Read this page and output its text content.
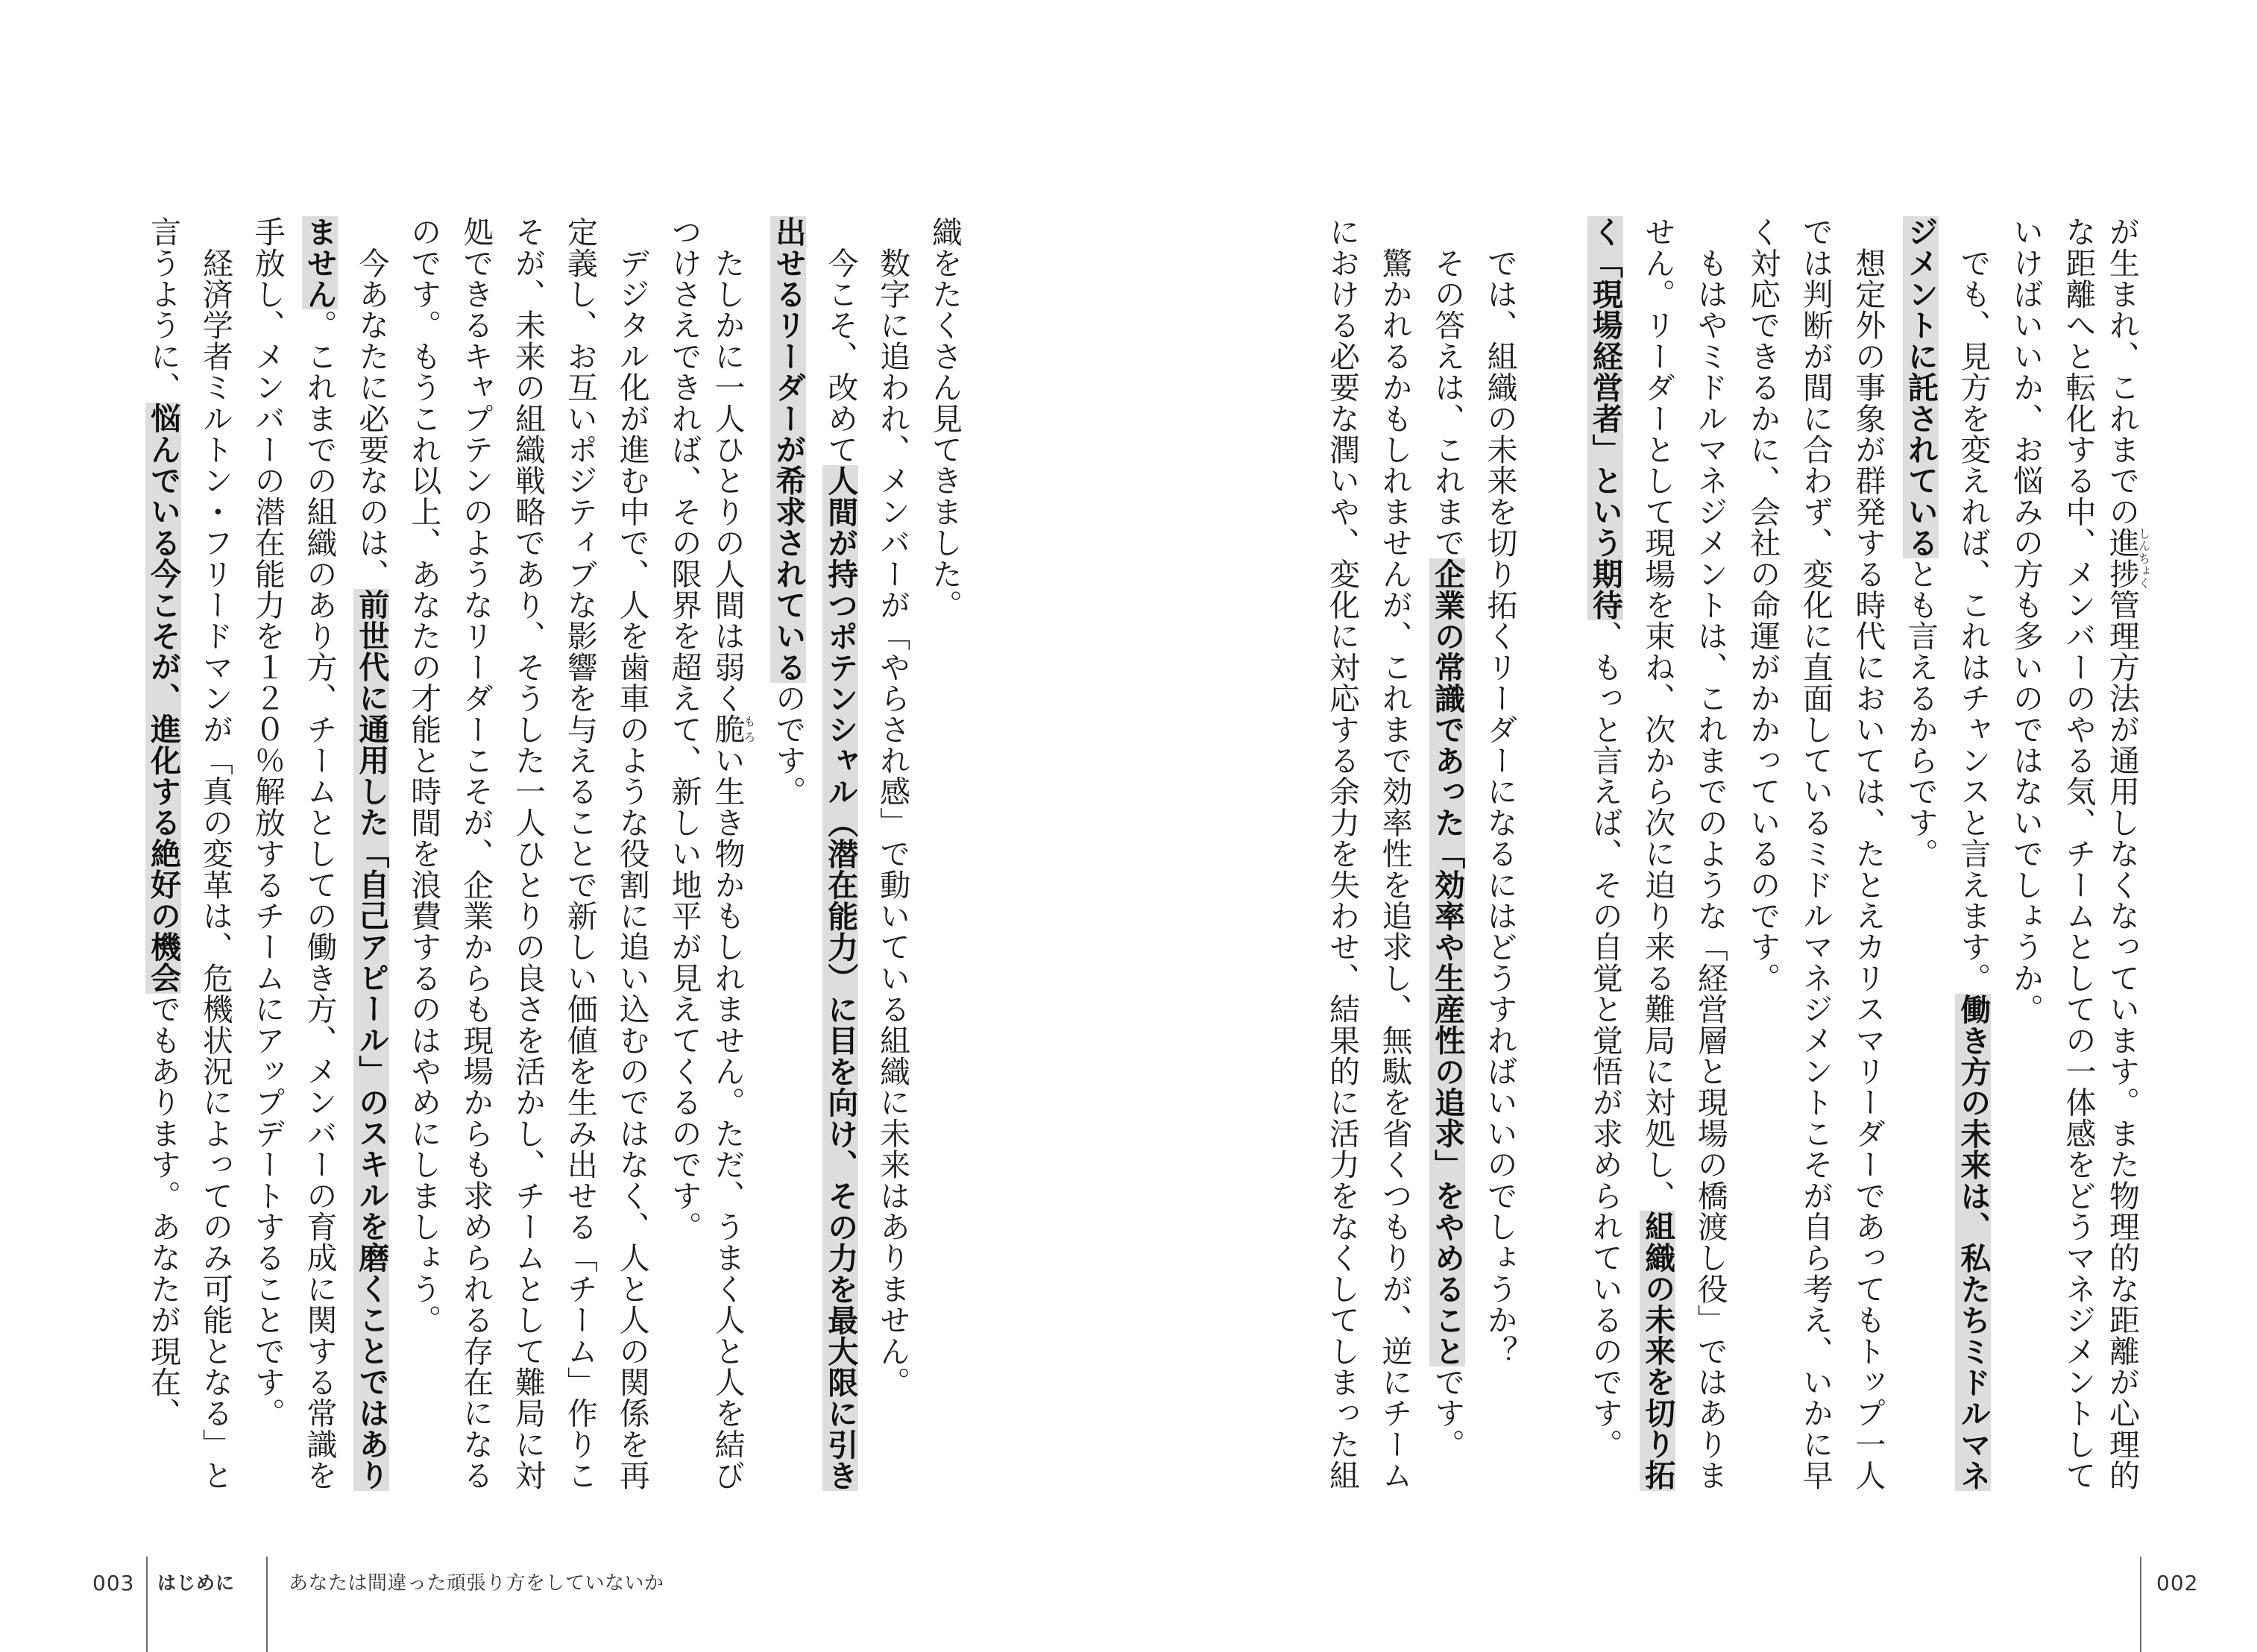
織をたくさん見てきました。
　数字に追われ、メンバーが「やらされ感」で動いている組織に未来はありません。
　今こそ、改めて人間が持つポテンシャル（潜在能力）に目を向け、その力を最大限に引き
出せるリーダーが希求されているのです。
　たしかに一人ひとりの人間は弱く脆もろい生き物かもしれません。ただ、うまく人と人を結び
つけさえできれば、その限界を超えて、新しい地平が見えてくるのです。
　デジタル化が進む中で、人を歯車のような役割に追い込むのではなく、人と人の関係を再
定義し、お互いポジティブな影響を与えることで新しい価値を生み出せる「チーム」作りこ
そが、未来の組織戦略であり、そうした一人ひとりの良さを活かし、チームとして難局に対
処できるキャプテンのようなリーダーこそが、企業からも現場からも求められる存在になる
のです。もうこれ以上、あなたの才能と時間を浪費するのはやめにしましょう。
　今あなたに必要なのは、前世代に通用した「自己アピール」のスキルを磨くことではあり
ません。これまでの組織のあり方、チームとしての働き方、メンバーの育成に関する常識を
手放し、メンバーの潜在能力を１２０％解放するチームにアップデートすることです。
　経済学者ミルトン・フリードマンが「真の変革は、危機状況によってのみ可能となる」と
言うように、悩んでいる今こそが、進化する絶好の機会でもあります。あなたが現在、
が生まれ、これまでの進捗しんちょく管理方法が通用しなくなっています。また物理的な距離が心理的
な距離へと転化する中、メンバーのやる気、チームとしての一体感をどうマネジメントして
いけばいいか、お悩みの方も多いのではないでしょうか。
　でも、見方を変えれば、これはチャンスと言えます。働き方の未来は、私たちミドルマネ
ジメントに託されているとも言えるからです。
　想定外の事象が群発する時代においては、たとえカリスマリーダーであってもトップ一人
では判断が間に合わず、変化に直面しているミドルマネジメントこそが自ら考え、いかに早
く対応できるかに、会社の命運がかかっているのです。
　もはやミドルマネジメントは、これまでのような「経営層と現場の橋渡し役」ではありま
せん。リーダーとして現場を束ね、次から次に迫り来る難局に対処し、組織の未来を切り拓
く「現場経営者」という期待、もっと言えば、その自覚と覚悟が求められているのです。
　では、組織の未来を切り拓くリーダーになるにはどうすればいいのでしょうか？
　その答えは、これまで企業の常識であった「効率や生産性の追求」をやめることです。
　驚かれるかもしれませんが、これまで効率性を追求し、無駄を省くつもりが、逆にチーム
における必要な潤いや、変化に対応する余力を失わせ、結果的に活力をなくしてしまった組
003 はじめに	あなたは間違った頑張り方をしていないか	002
